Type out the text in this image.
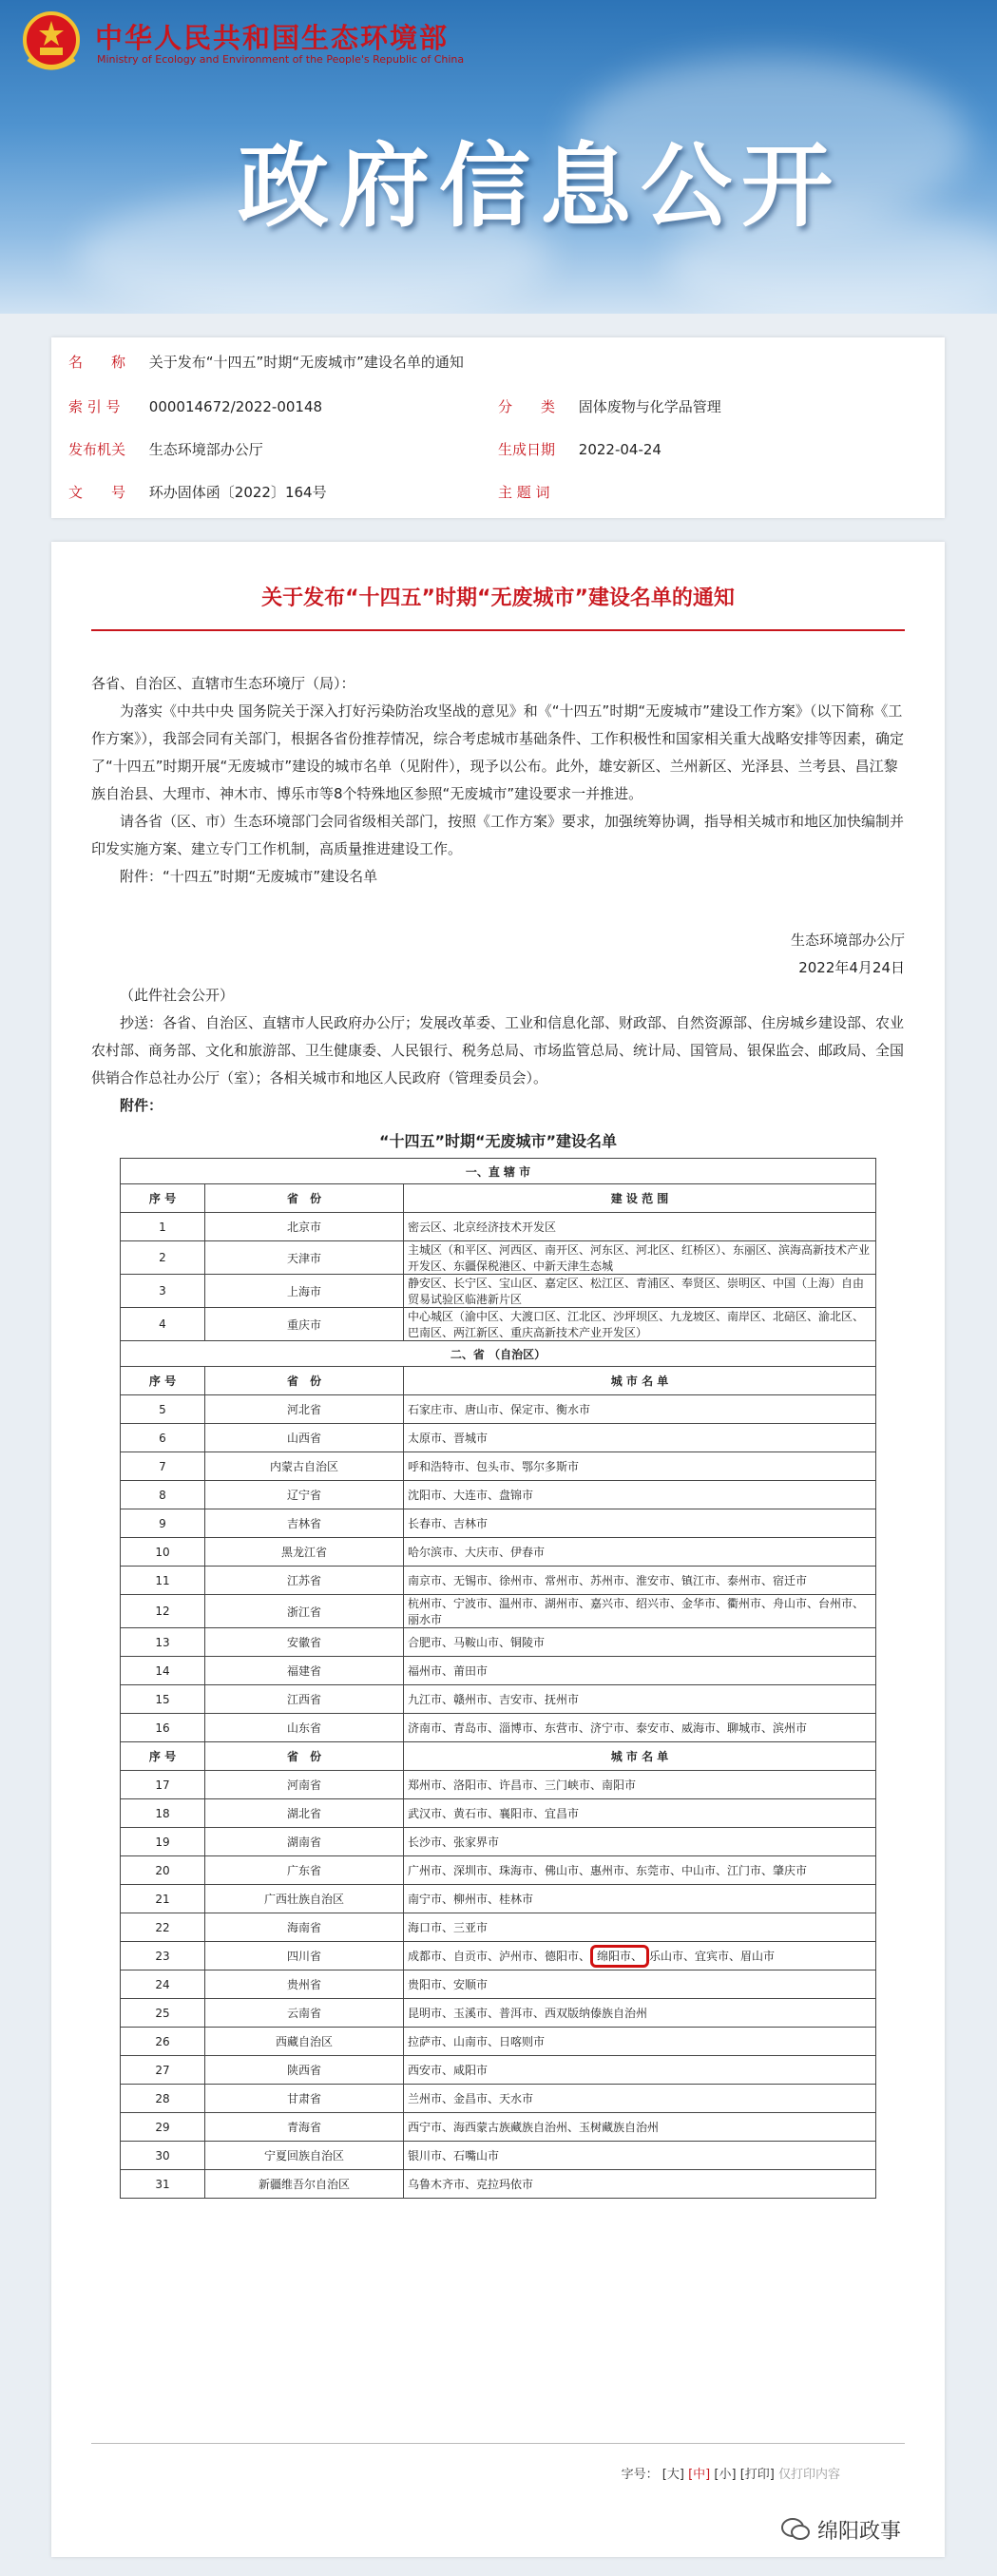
中华人民共和国生态环境部
Ministry of Ecology and Environment of the People's Republic of China
政府信息公开
名　　称 关于发布“十四五”时期“无废城市”建设名单的通知
索 引 号 000014672/2022-00148	分　　类 固体废物与化学品管理
发布机关 生态环境部办公厅	生成日期 2022-04-24
文　　号 环办固体函〔2022〕164号	主 题 词
关于发布“十四五”时期“无废城市”建设名单的通知

各省、自治区、直辖市生态环境厅（局）：

为落实《中共中央 国务院关于深入打好污染防治攻坚战的意见》和《“十四五”时期“无废城市”建设工作方案》（以下简称《工作方案》），我部会同有关部门，根据各省份推荐情况，综合考虑城市基础条件、工作积极性和国家相关重大战略安排等因素，确定了“十四五”时期开展“无废城市”建设的城市名单（见附件），现予以公布。此外，雄安新区、兰州新区、光泽县、兰考县、昌江黎族自治县、大理市、神木市、博乐市等8个特殊地区参照“无废城市”建设要求一并推进。

请各省（区、市）生态环境部门会同省级相关部门，按照《工作方案》要求，加强统筹协调，指导相关城市和地区加快编制并印发实施方案、建立专门工作机制，高质量推进建设工作。

附件：“十四五”时期“无废城市”建设名单

生态环境部办公厅

2022年4月24日

（此件社会公开）

抄送：各省、自治区、直辖市人民政府办公厅；发展改革委、工业和信息化部、财政部、自然资源部、住房城乡建设部、农业农村部、商务部、文化和旅游部、卫生健康委、人民银行、税务总局、市场监管总局、统计局、国管局、银保监会、邮政局、全国供销合作总社办公厅（室）；各相关城市和地区人民政府（管理委员会）。

附件：

“十四五”时期“无废城市”建设名单
一、直 辖 市		
序 号	省　份	建 设 范 围
1	北京市	密云区、北京经济技术开发区
2	天津市	主城区（和平区、河西区、南开区、河东区、河北区、红桥区）、东丽区、滨海高新技术产业开发区、东疆保税港区、中新天津生态城
3	上海市	静安区、长宁区、宝山区、嘉定区、松江区、青浦区、奉贤区、崇明区、中国（上海）自由贸易试验区临港新片区
4	重庆市	中心城区（渝中区、大渡口区、江北区、沙坪坝区、九龙坡区、南岸区、北碚区、渝北区、巴南区、两江新区、重庆高新技术产业开发区）
二、省 （自治区）		
序 号	省　份	城 市 名 单
5	河北省	石家庄市、唐山市、保定市、衡水市
6	山西省	太原市、晋城市
7	内蒙古自治区	呼和浩特市、包头市、鄂尔多斯市
8	辽宁省	沈阳市、大连市、盘锦市
9	吉林省	长春市、吉林市
10	黑龙江省	哈尔滨市、大庆市、伊春市
11	江苏省	南京市、无锡市、徐州市、常州市、苏州市、淮安市、镇江市、泰州市、宿迁市
12	浙江省	杭州市、宁波市、温州市、湖州市、嘉兴市、绍兴市、金华市、衢州市、舟山市、台州市、丽水市
13	安徽省	合肥市、马鞍山市、铜陵市
14	福建省	福州市、莆田市
15	江西省	九江市、赣州市、吉安市、抚州市
16	山东省	济南市、青岛市、淄博市、东营市、济宁市、泰安市、威海市、聊城市、滨州市
序 号	省　份	城 市 名 单
17	河南省	郑州市、洛阳市、许昌市、三门峡市、南阳市
18	湖北省	武汉市、黄石市、襄阳市、宜昌市
19	湖南省	长沙市、张家界市
20	广东省	广州市、深圳市、珠海市、佛山市、惠州市、东莞市、中山市、江门市、肇庆市
21	广西壮族自治区	南宁市、柳州市、桂林市
22	海南省	海口市、三亚市
23	四川省	成都市、自贡市、泸州市、德阳市、 绵阳市、 乐山市、宜宾市、眉山市
24	贵州省	贵阳市、安顺市
25	云南省	昆明市、玉溪市、普洱市、西双版纳傣族自治州
26	西藏自治区	拉萨市、山南市、日喀则市
27	陕西省	西安市、咸阳市
28	甘肃省	兰州市、金昌市、天水市
29	青海省	西宁市、海西蒙古族藏族自治州、玉树藏族自治州
30	宁夏回族自治区	银川市、石嘴山市
31	新疆维吾尔自治区	乌鲁木齐市、克拉玛依市
字号： [大] [中] [小] [打印] 仅打印内容
绵阳政事
